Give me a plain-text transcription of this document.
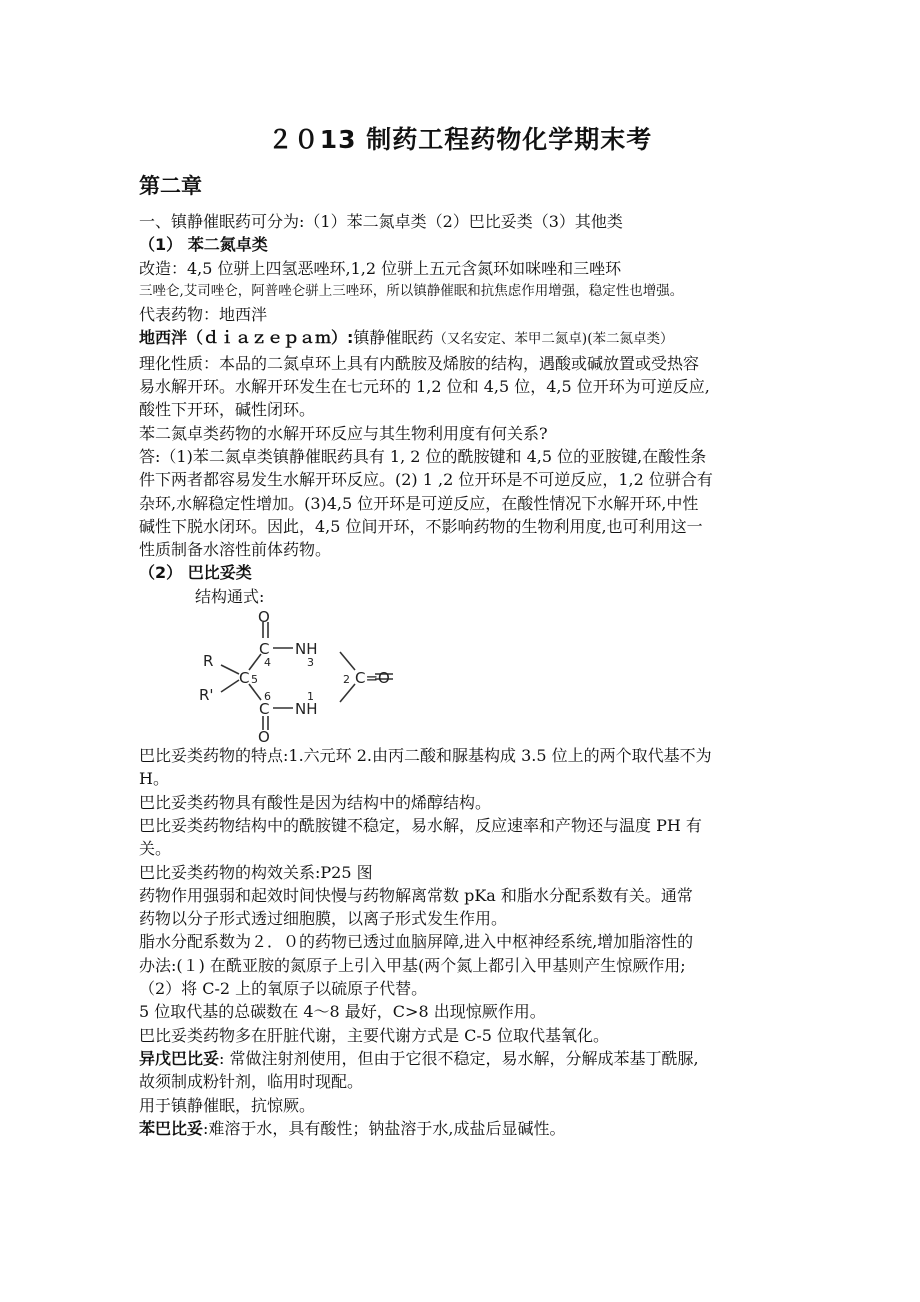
２０13 制药工程药物化学期末考

第二章

一、镇静催眠药可分为:（1）苯二氮卓类（2）巴比妥类（3）其他类

（1） 苯二氮卓类

改造：4,5 位骈上四氢恶唑环,1,2 位骈上五元含氮环如咪唑和三唑环

三唑仑,艾司唑仑，阿普唑仑骈上三唑环，所以镇静催眠和抗焦虑作用增强，稳定性也增强。

代表药物：地西泮

地西泮（ｄｉａｚｅｐａｍ）:镇静催眠药（又名安定、苯甲二氮卓)(苯二氮卓类）

理化性质：本品的二氮卓环上具有内酰胺及烯胺的结构，遇酸或碱放置或受热容

易水解开环。水解开环发生在七元环的 1,2 位和 4,5 位，4,5 位开环为可逆反应,

酸性下开环，碱性闭环。

苯二氮卓类药物的水解开环反应与其生物利用度有何关系?

答:（1)苯二氮卓类镇静催眠药具有 1, 2 位的酰胺键和 4,5 位的亚胺键,在酸性条

件下两者都容易发生水解开环反应。(2) 1 ,2 位开环是不可逆反应，1,2 位骈合有

杂环,水解稳定性增加。(3)4,5 位开环是可逆反应，在酸性情况下水解开环,中性

碱性下脱水闭环。因此，4,5 位间开环，不影响药物的生物利用度,也可利用这一

性质制备水溶性前体药物。

（2） 巴比妥类

结构通式:

O
C NH
R
C	C=O
R'
C NH
O
4	3
5	2
6	1

巴比妥类药物的特点:1.六元环 2.由丙二酸和脲基构成 3.5 位上的两个取代基不为

H。

巴比妥类药物具有酸性是因为结构中的烯醇结构。

巴比妥类药物结构中的酰胺键不稳定，易水解，反应速率和产物还与温度 PH 有

关。

巴比妥类药物的构效关系:P25 图

药物作用强弱和起效时间快慢与药物解离常数 pKa 和脂水分配系数有关。通常

药物以分子形式透过细胞膜，以离子形式发生作用。

脂水分配系数为２．０的药物已透过血脑屏障,进入中枢神经系统,增加脂溶性的

办法:(１) 在酰亚胺的氮原子上引入甲基(两个氮上都引入甲基则产生惊厥作用;

（2）将 C-2 上的氧原子以硫原子代替。

5 位取代基的总碳数在 4～8 最好，C>8 出现惊厥作用。

巴比妥类药物多在肝脏代谢，主要代谢方式是 C-5 位取代基氧化。

异戊巴比妥: 常做注射剂使用，但由于它很不稳定，易水解，分解成苯基丁酰脲,

故须制成粉针剂，临用时现配。

用于镇静催眠，抗惊厥。

苯巴比妥:难溶于水，具有酸性；钠盐溶于水,成盐后显碱性。
